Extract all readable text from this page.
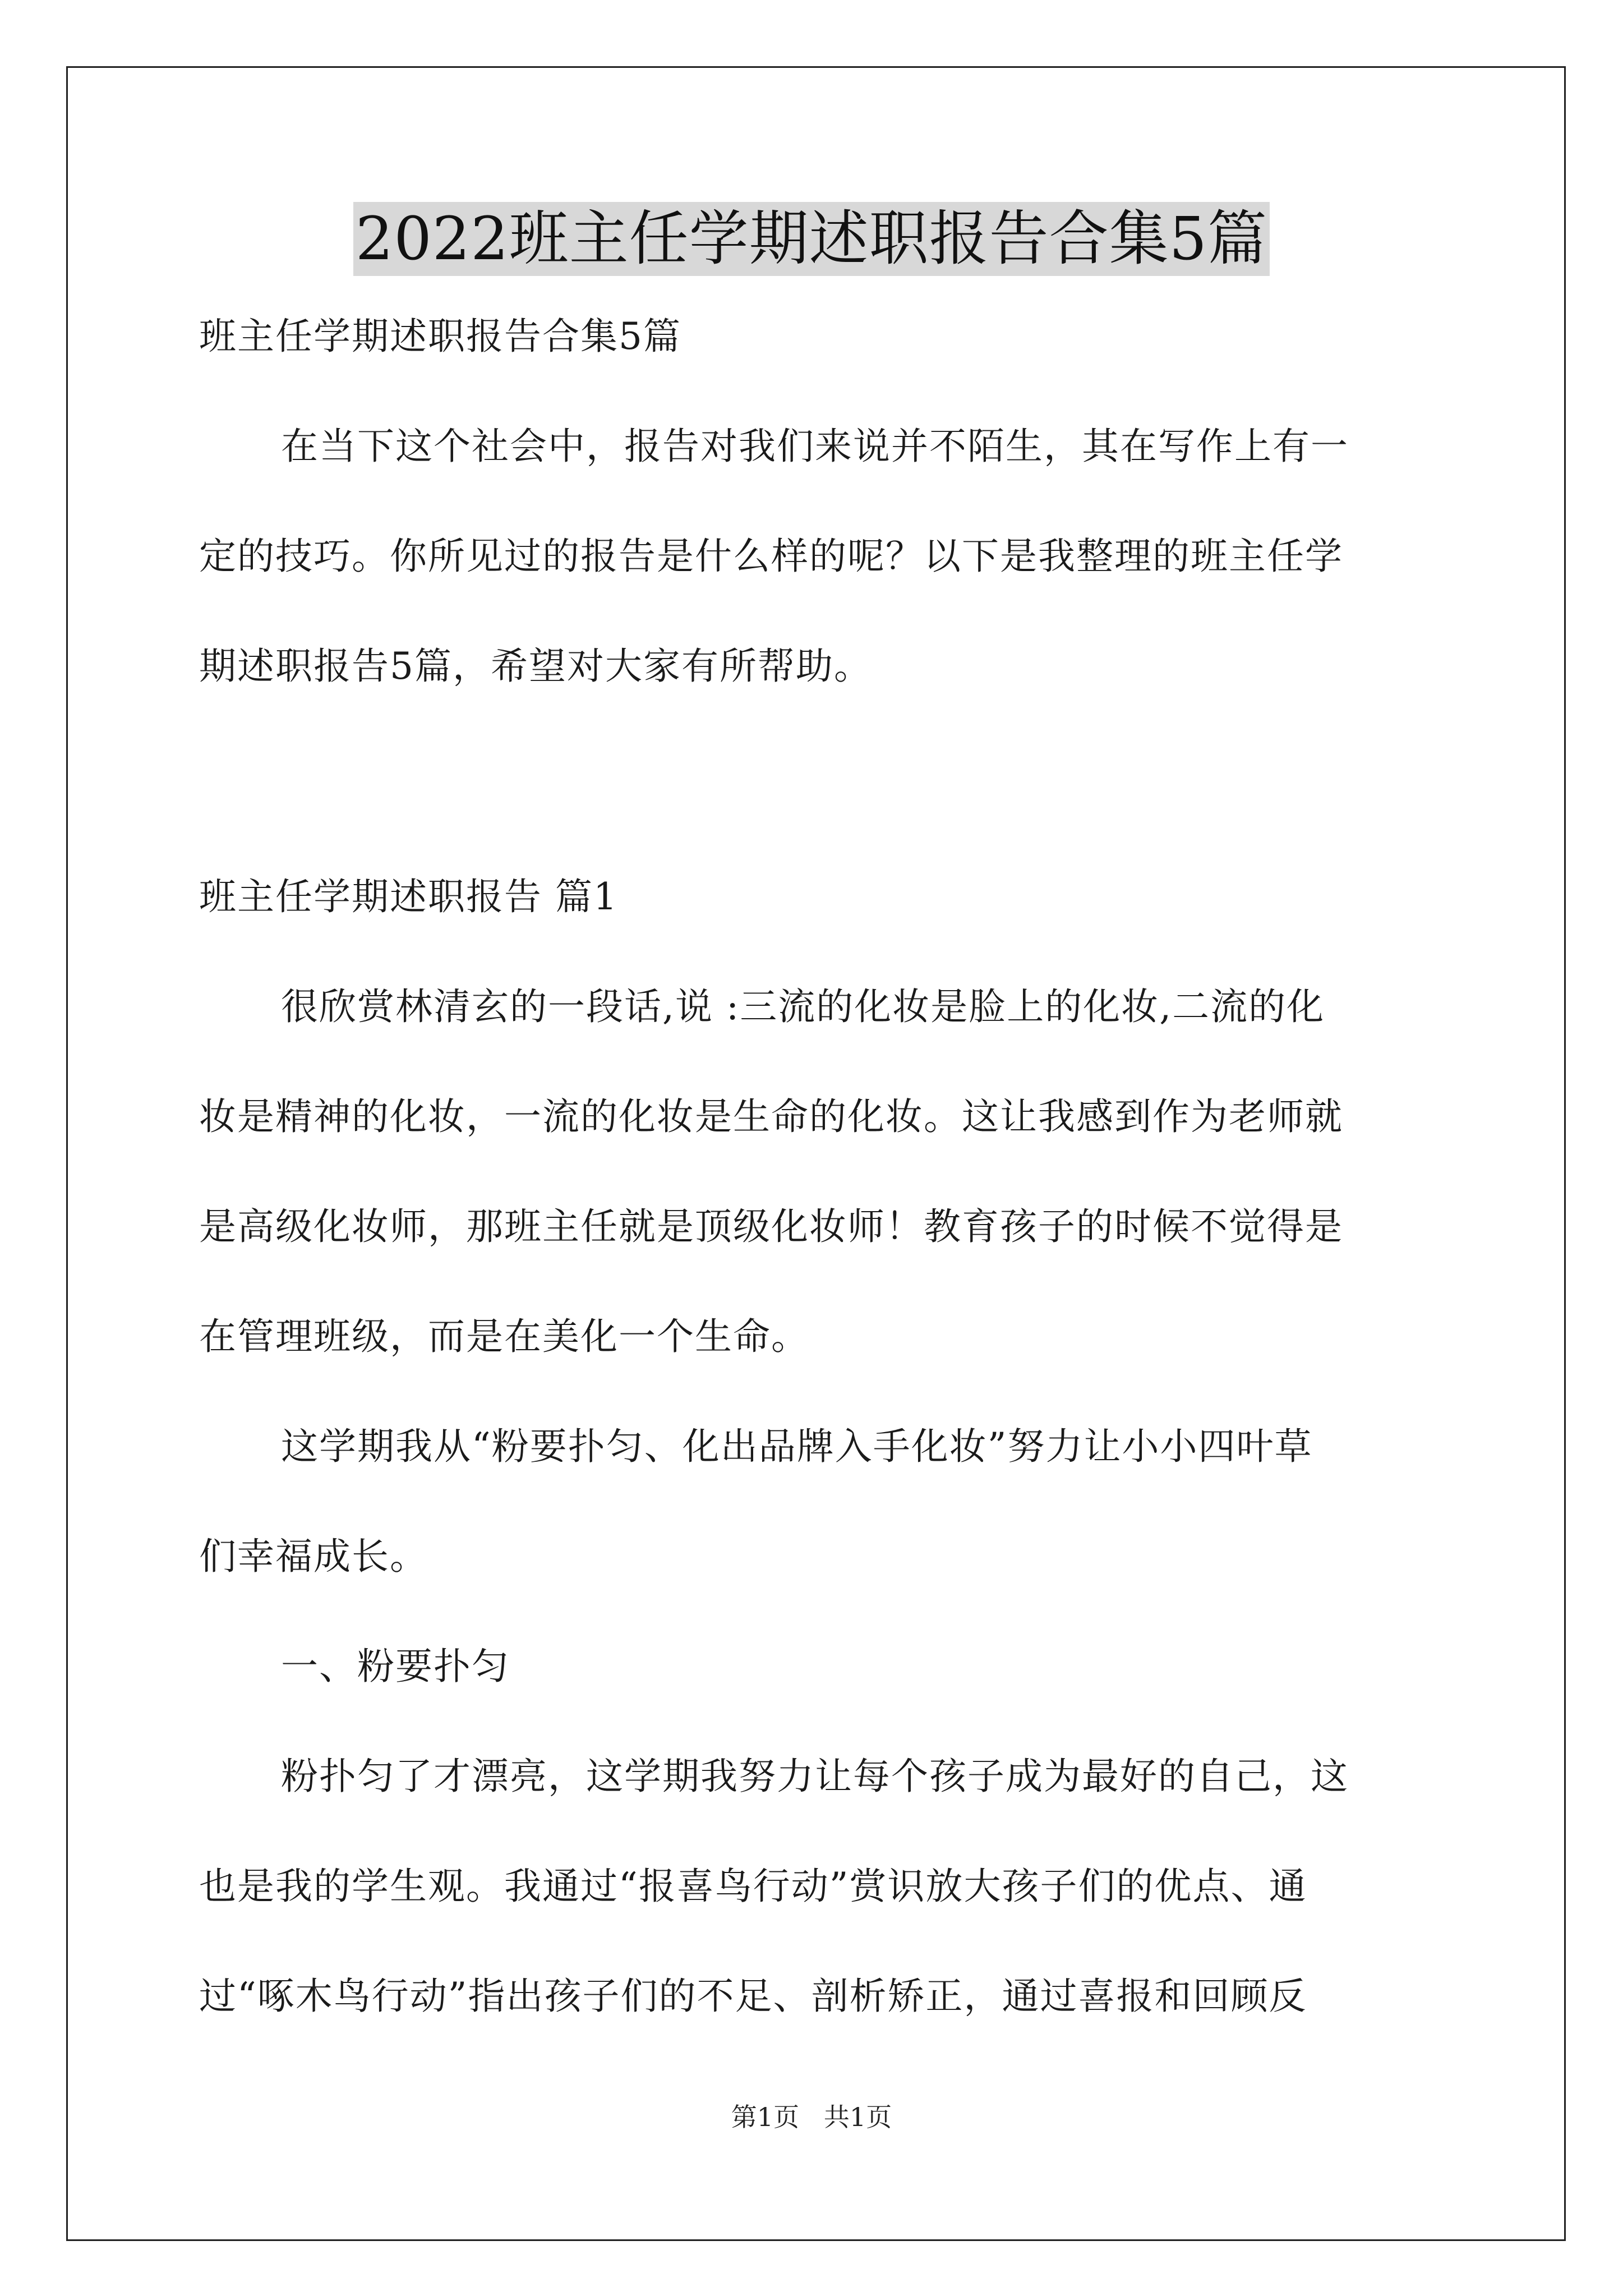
2022班主任学期述职报告合集5篇
班主任学期述职报告合集5篇
在当下这个社会中，报告对我们来说并不陌生，其在写作上有一
定的技巧。你所见过的报告是什么样的呢？以下是我整理的班主任学
期述职报告5篇，希望对大家有所帮助。
班主任学期述职报告 篇1
很欣赏林清玄的一段话,说 :三流的化妆是脸上的化妆,二流的化
妆是精神的化妆，一流的化妆是生命的化妆。这让我感到作为老师就
是高级化妆师，那班主任就是顶级化妆师！教育孩子的时候不觉得是
在管理班级，而是在美化一个生命。
这学期我从“粉要扑匀、化出品牌入手化妆”努力让小小四叶草
们幸福成长。
一、粉要扑匀
粉扑匀了才漂亮，这学期我努力让每个孩子成为最好的自己，这
也是我的学生观。我通过“报喜鸟行动”赏识放大孩子们的优点、通
过“啄木鸟行动”指出孩子们的不足、剖析矫正，通过喜报和回顾反
第1页   共1页
